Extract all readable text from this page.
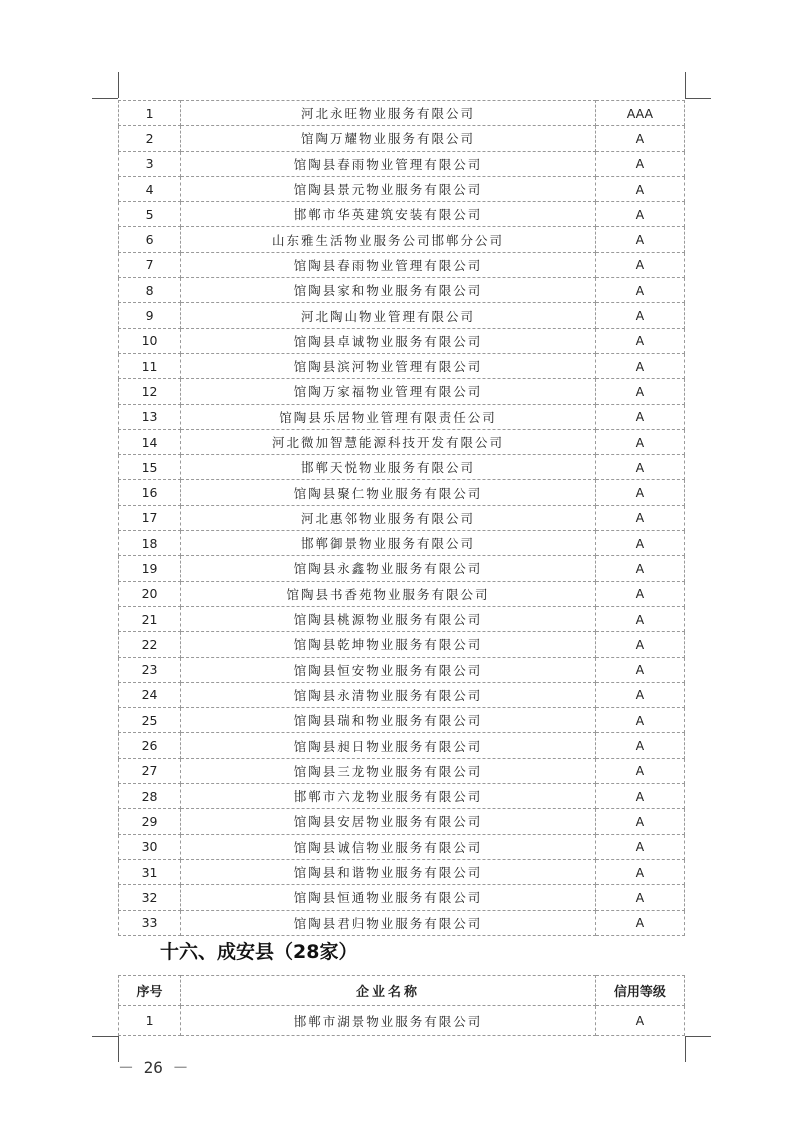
1	河北永旺物业服务有限公司	AAA
2	馆陶万耀物业服务有限公司	A
3	馆陶县春雨物业管理有限公司	A
4	馆陶县景元物业服务有限公司	A
5	邯郸市华英建筑安装有限公司	A
6	山东雅生活物业服务公司邯郸分公司	A
7	馆陶县春雨物业管理有限公司	A
8	馆陶县家和物业服务有限公司	A
9	河北陶山物业管理有限公司	A
10	馆陶县卓诚物业服务有限公司	A
11	馆陶县滨河物业管理有限公司	A
12	馆陶万家福物业管理有限公司	A
13	馆陶县乐居物业管理有限责任公司	A
14	河北微加智慧能源科技开发有限公司	A
15	邯郸天悦物业服务有限公司	A
16	馆陶县聚仁物业服务有限公司	A
17	河北惠邻物业服务有限公司	A
18	邯郸御景物业服务有限公司	A
19	馆陶县永鑫物业服务有限公司	A
20	馆陶县书香苑物业服务有限公司	A
21	馆陶县桃源物业服务有限公司	A
22	馆陶县乾坤物业服务有限公司	A
23	馆陶县恒安物业服务有限公司	A
24	馆陶县永清物业服务有限公司	A
25	馆陶县瑞和物业服务有限公司	A
26	馆陶县昶日物业服务有限公司	A
27	馆陶县三龙物业服务有限公司	A
28	邯郸市六龙物业服务有限公司	A
29	馆陶县安居物业服务有限公司	A
30	馆陶县诚信物业服务有限公司	A
31	馆陶县和谐物业服务有限公司	A
32	馆陶县恒通物业服务有限公司	A
33	馆陶县君归物业服务有限公司	A
十六、成安县（28家）
序号	企业名称	信用等级
1	邯郸市湖景物业服务有限公司	A
－ 26 －
